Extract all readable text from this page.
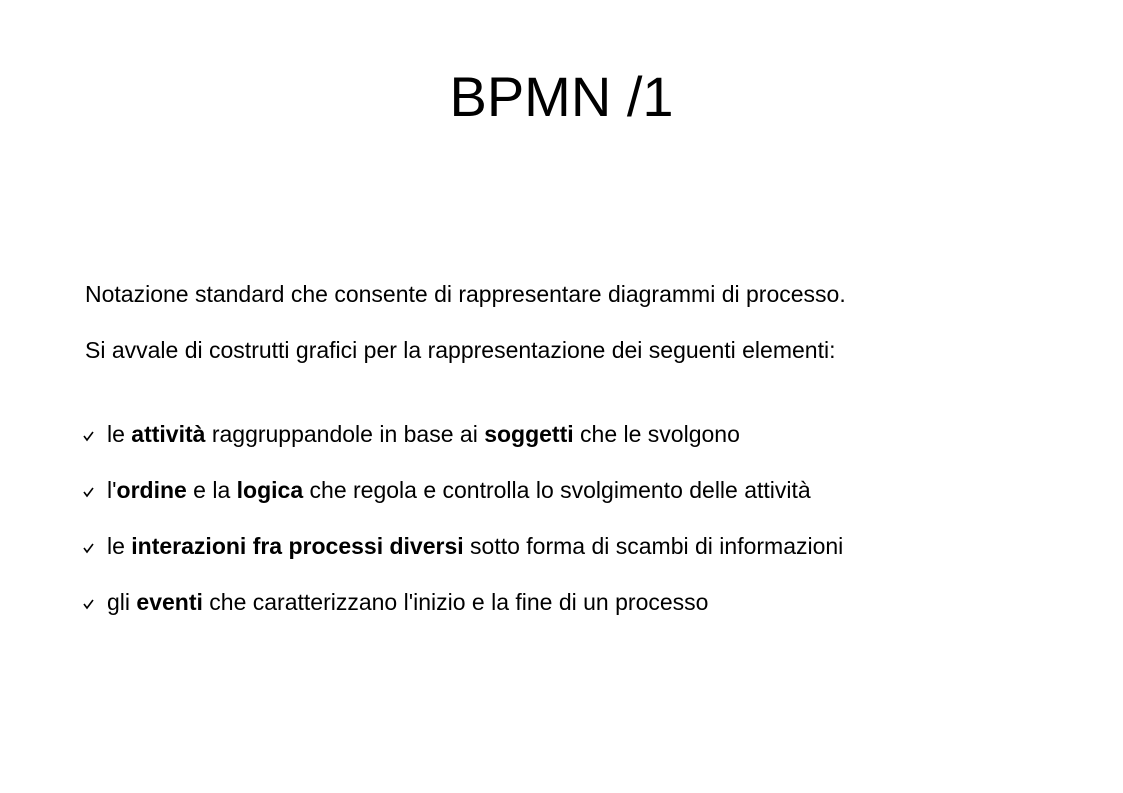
BPMN /1

Notazione standard che consente di rappresentare diagrammi di processo.

Si avvale di costrutti grafici per la rappresentazione dei seguenti elementi:

le attività raggruppandole in base ai soggetti che le svolgono
l'ordine e la logica che regola e controlla lo svolgimento delle attività
le interazioni fra processi diversi sotto forma di scambi di informazioni
gli eventi che caratterizzano l'inizio e la fine di un processo
